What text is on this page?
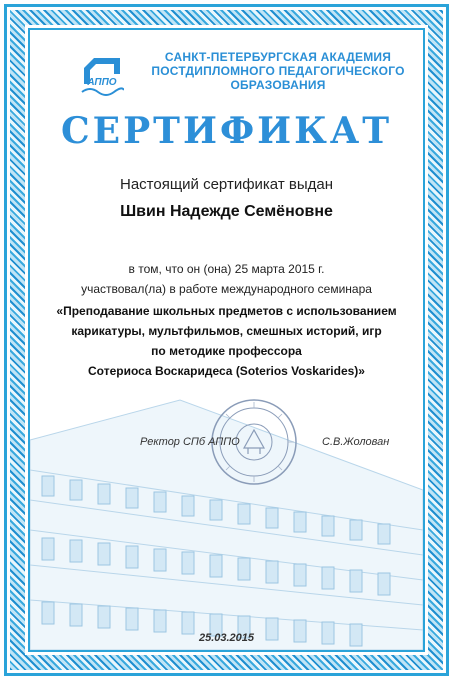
АППО
САНКТ-ПЕТЕРБУРГСКАЯ АКАДЕМИЯ
ПОСТДИПЛОМНОГО ПЕДАГОГИЧЕСКОГО
ОБРАЗОВАНИЯ
СЕРТИФИКАТ
Настоящий сертификат выдан
Швин Надежде Семёновне
в том, что он (она) 25 марта 2015 г.
участвовал(ла) в работе международного семинара
«Преподавание школьных предметов с использованием
карикатуры, мультфильмов, смешных историй, игр
по методике профессора
Сотериоса Воскаридеса (Soterios Voskarides)»
Ректор СПб АППО	С.В.Жолован
25.03.2015
